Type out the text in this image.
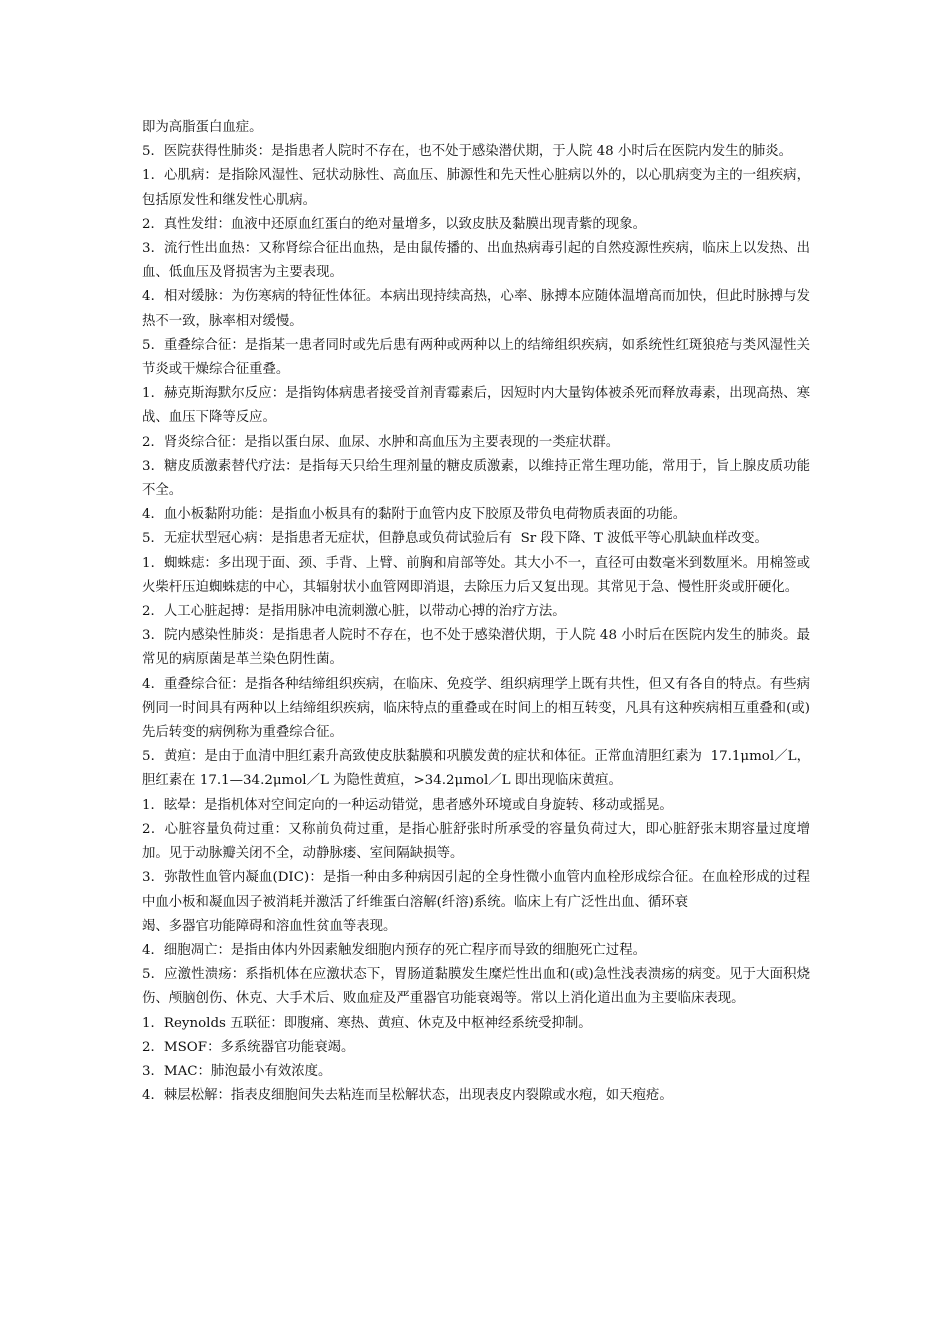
即为高脂蛋白血症。

5．医院获得性肺炎：是指患者人院时不存在，也不处于感染潜伏期，于人院 48 小时后在医院内发生的肺炎。

1．心肌病：是指除风湿性、冠状动脉性、高血压、肺源性和先天性心脏病以外的，以心肌病变为主的一组疾病，包括原发性和继发性心肌病。

2．真性发绀：血液中还原血红蛋白的绝对量增多，以致皮肤及黏膜出现青紫的现象。

3．流行性出血热：又称肾综合征出血热，是由鼠传播的、出血热病毒引起的自然疫源性疾病，临床上以发热、出血、低血压及肾损害为主要表现。

4．相对缓脉：为伤寒病的特征性体征。本病出现持续高热，心率、脉搏本应随体温增高而加快，但此时脉搏与发热不一致，脉率相对缓慢。

5．重叠综合征：是指某一患者同时或先后患有两种或两种以上的结缔组织疾病，如系统性红斑狼疮与类风湿性关节炎或干燥综合征重叠。

1．赫克斯海默尔反应：是指钩体病患者接受首剂青霉素后，因短时内大量钩体被杀死而释放毒素，出现高热、寒战、血压下降等反应。

2．肾炎综合征：是指以蛋白尿、血尿、水肿和高血压为主要表现的一类症状群。

3．糖皮质激素替代疗法：是指每天只给生理剂量的糖皮质激素，以维持正常生理功能，常用于，旨上腺皮质功能不全。

4．血小板黏附功能：是指血小板具有的黏附于血管内皮下胶原及带负电荷物质表面的功能。

5．无症状型冠心病：是指患者无症状，但静息或负荷试验后有  Sr 段下降、T 波低平等心肌缺血样改变。

1．蜘蛛痣：多出现于面、颈、手背、上臂、前胸和肩部等处。其大小不一，直径可由数毫米到数厘米。用棉签或火柴杆压迫蜘蛛痣的中心，其辐射状小血管网即消退，去除压力后又复出现。其常见于急、慢性肝炎或肝硬化。

2．人工心脏起搏：是指用脉冲电流刺激心脏，以带动心搏的治疗方法。

3．院内感染性肺炎：是指患者人院时不存在，也不处于感染潜伏期，于人院 48 小时后在医院内发生的肺炎。最常见的病原菌是革兰染色阴性菌。

4．重叠综合征：是指各种结缔组织疾病，在临床、免疫学、组织病理学上既有共性，但又有各自的特点。有些病例同一时间具有两种以上结缔组织疾病，临床特点的重叠或在时间上的相互转变，凡具有这种疾病相互重叠和(或)先后转变的病例称为重叠综合征。

5．黄疸：是由于血清中胆红素升高致使皮肤黏膜和巩膜发黄的症状和体征。正常血清胆红素为  17.1μmol／L，胆红素在 17.1—34.2μmol／L 为隐性黄疸，>34.2μmol／L 即出现临床黄疸。

1．眩晕：是指机体对空间定向的一种运动错觉，患者感外环境或自身旋转、移动或摇晃。

2．心脏容量负荷过重：又称前负荷过重，是指心脏舒张时所承受的容量负荷过大，即心脏舒张末期容量过度增加。见于动脉瓣关闭不全，动静脉瘘、室间隔缺损等。

3．弥散性血管内凝血(DIC)：是指一种由多种病因引起的全身性微小血管内血栓形成综合征。在血栓形成的过程中血小板和凝血因子被消耗并激活了纤维蛋白溶解(纤溶)系统。临床上有广泛性出血、循环衰
竭、多器官功能障碍和溶血性贫血等表现。

4．细胞凋亡：是指由体内外因素触发细胞内预存的死亡程序而导致的细胞死亡过程。

5．应激性溃疡：系指机体在应激状态下，胃肠道黏膜发生糜烂性出血和(或)急性浅表溃疡的病变。见于大面积烧伤、颅脑创伤、休克、大手术后、败血症及严重器官功能衰竭等。常以上消化道出血为主要临床表现。

1．Reynolds 五联征：即腹痛、寒热、黄疸、休克及中枢神经系统受抑制。

2．MSOF：多系统器官功能衰竭。

3．MAC：肺泡最小有效浓度。

4．棘层松解：指表皮细胞间失去粘连而呈松解状态，出现表皮内裂隙或水疱，如天疱疮。
